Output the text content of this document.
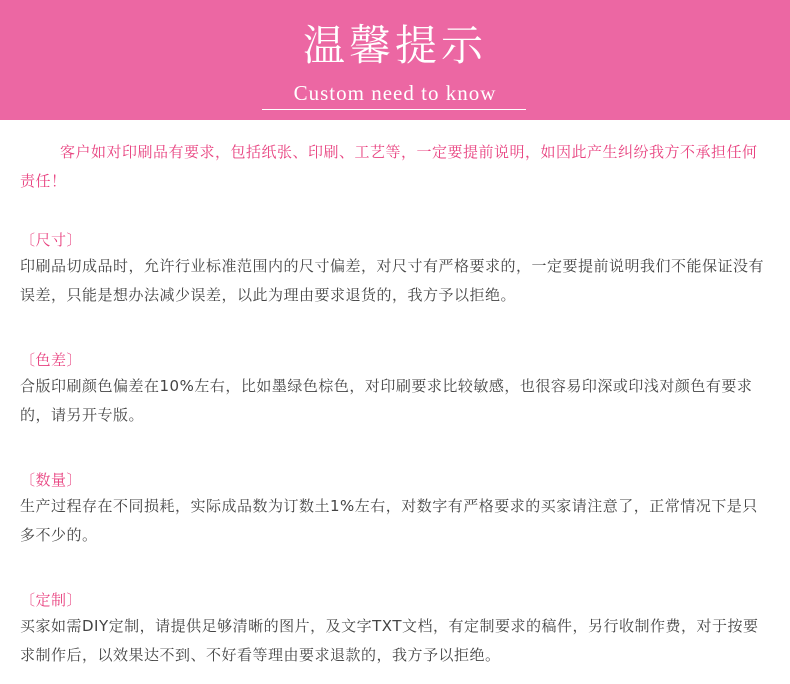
温馨提示
Custom need to know

客户如对印刷品有要求，包括纸张、印刷、工艺等，一定要提前说明，如因此产生纠纷我方不承担任何责任！

〔尺寸〕

印刷品切成品时，允许行业标准范围内的尺寸偏差，对尺寸有严格要求的，一定要提前说明我们不能保证没有误差，只能是想办法减少误差，以此为理由要求退货的，我方予以拒绝。

〔色差〕

合版印刷颜色偏差在10%左右，比如墨绿色棕色，对印刷要求比较敏感，也很容易印深或印浅对颜色有要求的，请另开专版。

〔数量〕

生产过程存在不同损耗，实际成品数为订数土1%左右，对数字有严格要求的买家请注意了，正常情况下是只多不少的。

〔定制〕

买家如需DIY定制，请提供足够清晰的图片，及文字TXT文档，有定制要求的稿件，另行收制作费，对于按要求制作后，以效果达不到、不好看等理由要求退款的，我方予以拒绝。
